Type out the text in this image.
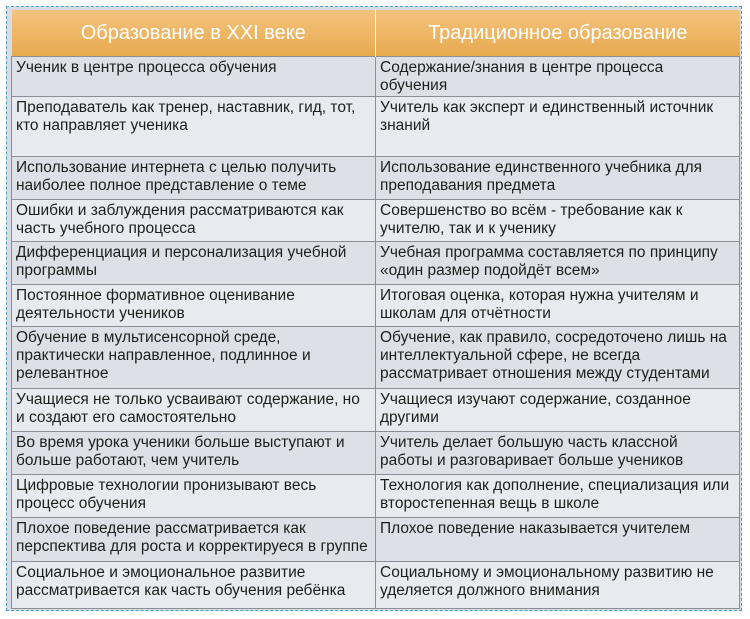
Образование в XXI веке	Традиционное образование
Ученик в центре процесса обучения	Содержание/знания в центре процесса обучения
Преподаватель как тренер, наставник, гид, тот, кто направляет ученика	Учитель как эксперт и единственный источник знаний
Использование интернета с целью получить наиболее полное представление о теме	Использование единственного учебника для преподавания предмета
Ошибки и заблуждения рассматриваются как часть учебного процесса	Совершенство во всём - требование как к учителю, так и к ученику
Дифференциация и персонализация учебной программы	Учебная программа составляется по принципу «один размер подойдёт всем»
Постоянное формативное оценивание деятельности учеников	Итоговая оценка, которая нужна учителям и школам для отчётности
Обучение в мультисенсорной среде, практически направленное, подлинное и релевантное	Обучение, как правило, сосредоточено лишь на интеллектуальной сфере, не всегда рассматривает отношения между студентами
Учащиеся не только усваивают содержание, но и создают его самостоятельно	Учащиеся изучают содержание, созданное другими
Во время урока ученики больше выступают и больше работают, чем учитель	Учитель делает большую часть классной работы и разговаривает больше учеников
Цифровые технологии пронизывают весь процесс обучения	Технология как дополнение, специализация или второстепенная вещь в школе
Плохое поведение рассматривается как перспектива для роста и корректируеся в группе	Плохое поведение наказывается учителем
Социальное и эмоциональное развитие рассматривается как часть обучения ребёнка	Социальному и эмоциональному развитию не уделяется должного внимания
